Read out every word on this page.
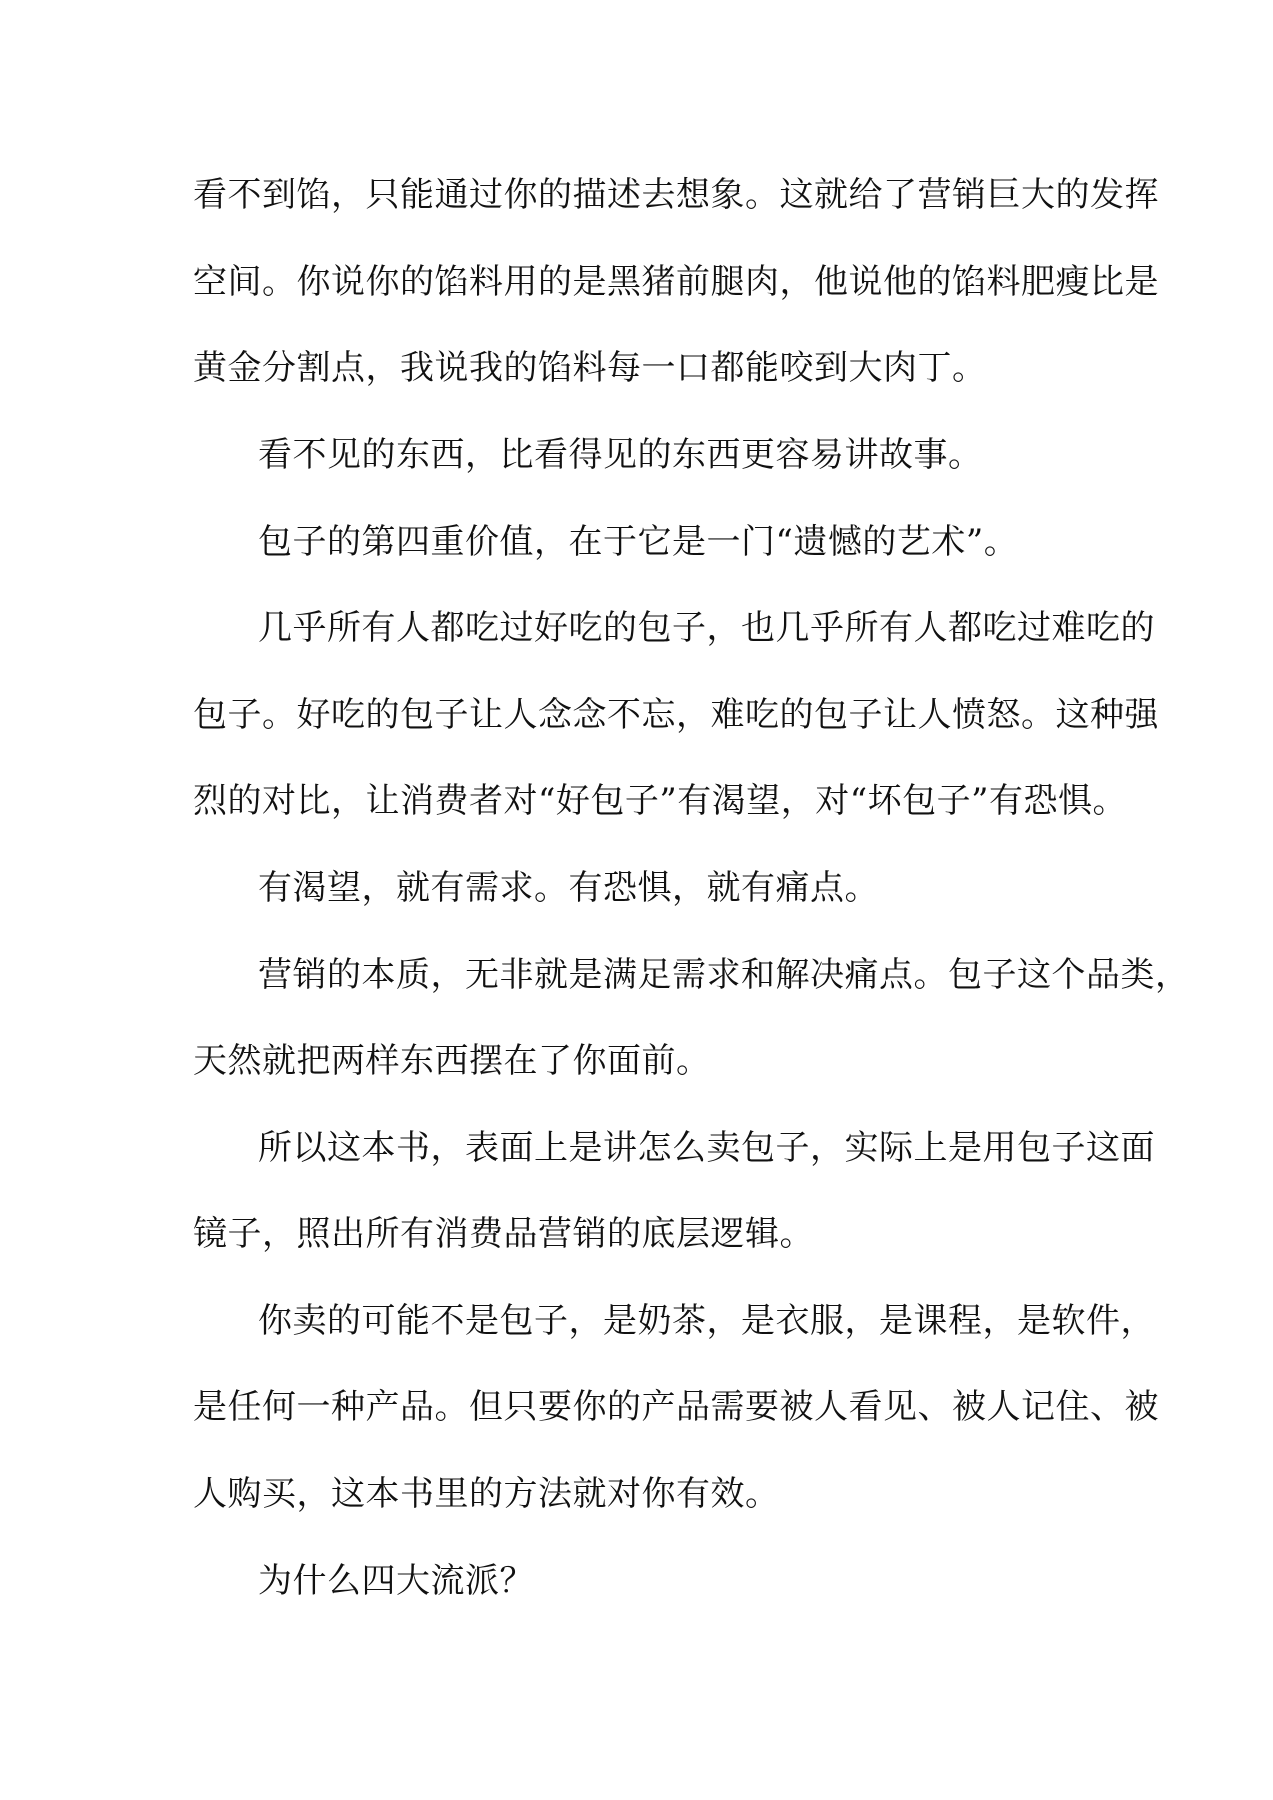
看不到馅，只能通过你的描述去想象。这就给了营销巨大的发挥
空间。你说你的馅料用的是黑猪前腿肉，他说他的馅料肥瘦比是
黄金分割点，我说我的馅料每一口都能咬到大肉丁。
看不见的东西，比看得见的东西更容易讲故事。
包子的第四重价值，在于它是一门“遗憾的艺术”。
几乎所有人都吃过好吃的包子，也几乎所有人都吃过难吃的
包子。好吃的包子让人念念不忘，难吃的包子让人愤怒。这种强
烈的对比，让消费者对“好包子”有渴望，对“坏包子”有恐惧。
有渴望，就有需求。有恐惧，就有痛点。
营销的本质，无非就是满足需求和解决痛点。包子这个品类，
天然就把两样东西摆在了你面前。
所以这本书，表面上是讲怎么卖包子，实际上是用包子这面
镜子，照出所有消费品营销的底层逻辑。
你卖的可能不是包子，是奶茶，是衣服，是课程，是软件，
是任何一种产品。但只要你的产品需要被人看见、被人记住、被
人购买，这本书里的方法就对你有效。
为什么四大流派？
